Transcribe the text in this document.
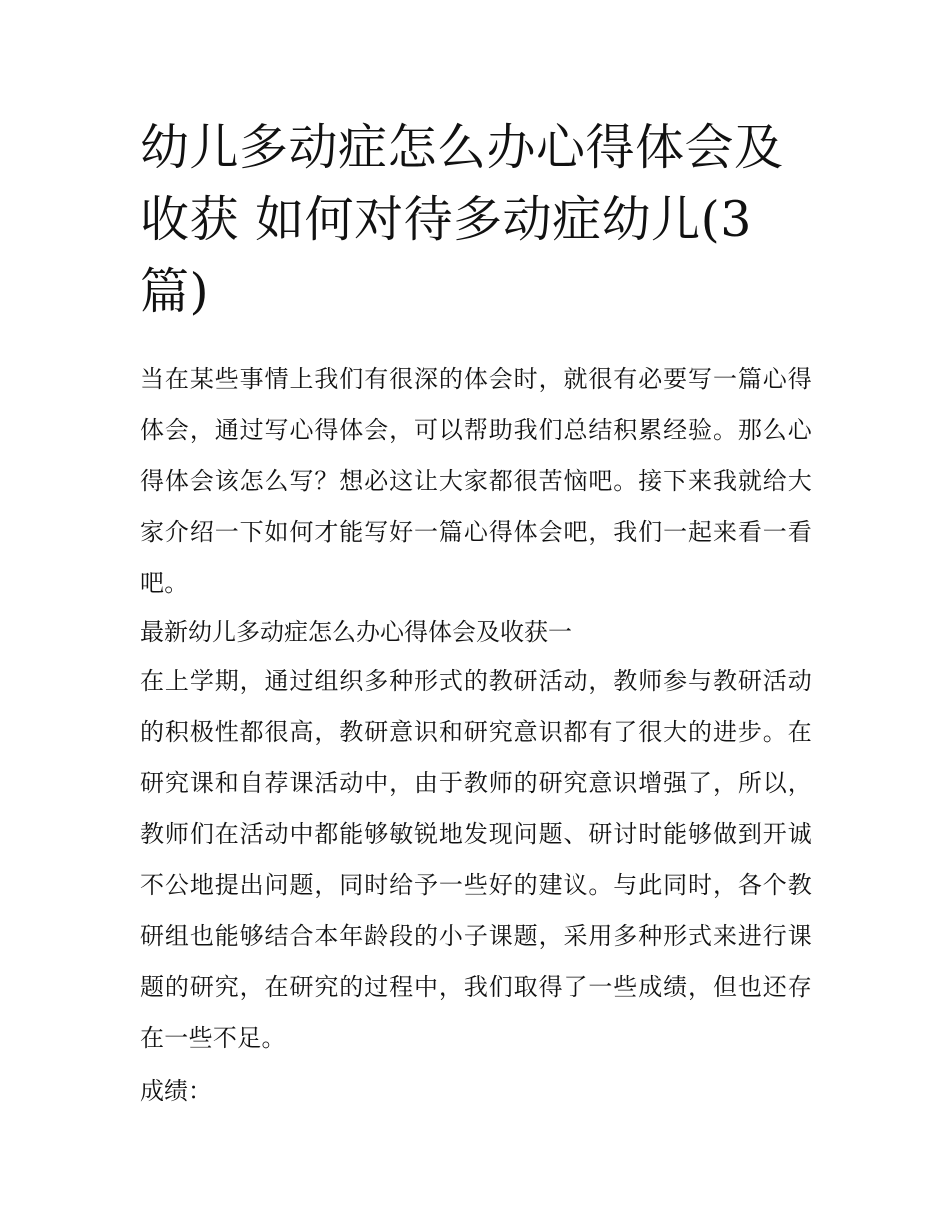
幼儿多动症怎么办心得体会及收获 如何对待多动症幼儿(3篇)

当在某些事情上我们有很深的体会时，就很有必要写一篇心得体会，通过写心得体会，可以帮助我们总结积累经验。那么心得体会该怎么写？想必这让大家都很苦恼吧。接下来我就给大家介绍一下如何才能写好一篇心得体会吧，我们一起来看一看吧。

最新幼儿多动症怎么办心得体会及收获一

在上学期，通过组织多种形式的教研活动，教师参与教研活动的积极性都很高，教研意识和研究意识都有了很大的进步。在研究课和自荐课活动中，由于教师的研究意识增强了，所以，教师们在活动中都能够敏锐地发现问题、研讨时能够做到开诚不公地提出问题，同时给予一些好的建议。与此同时，各个教研组也能够结合本年龄段的小子课题，采用多种形式来进行课题的研究，在研究的过程中，我们取得了一些成绩，但也还存在一些不足。

成绩：
